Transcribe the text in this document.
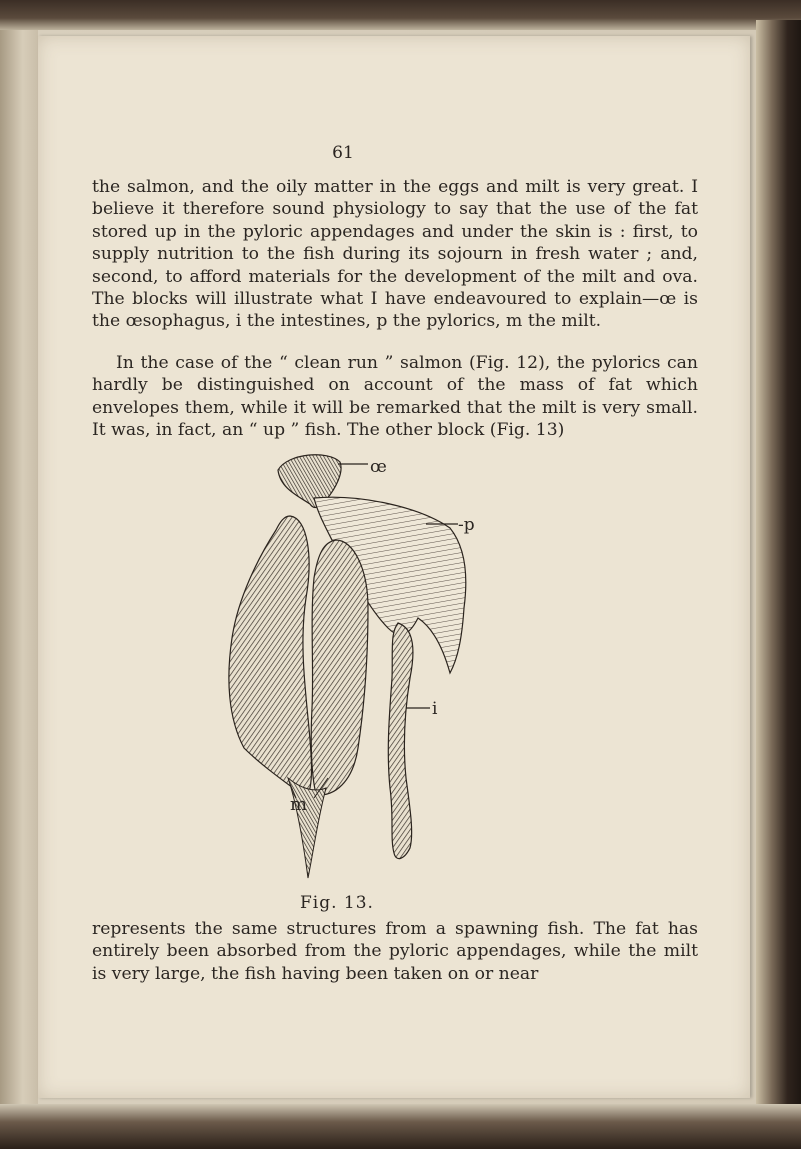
61

the salmon, and the oily matter in the eggs and milt is very great. I believe it therefore sound physiology to say that the use of the fat stored up in the pyloric appendages and under the skin is : first, to supply nutrition to the fish during its sojourn in fresh water ; and, second, to afford materials for the development of the milt and ova. The blocks will illustrate what I have endeavoured to explain—œ is the œsophagus, i the intestines, p the pylorics, m the milt.

In the case of the “ clean run ” salmon (Fig. 12), the pylorics can hardly be distinguished on account of the mass of fat which envelopes them, while it will be remarked that the milt is very small. It was, in fact, an “ up ” fish. The other block (Fig. 13)

œ
-p
i
m
Fig. 13.

represents the same structures from a spawning fish. The fat has entirely been absorbed from the pyloric appendages, while the milt is very large, the fish having been taken on or near
